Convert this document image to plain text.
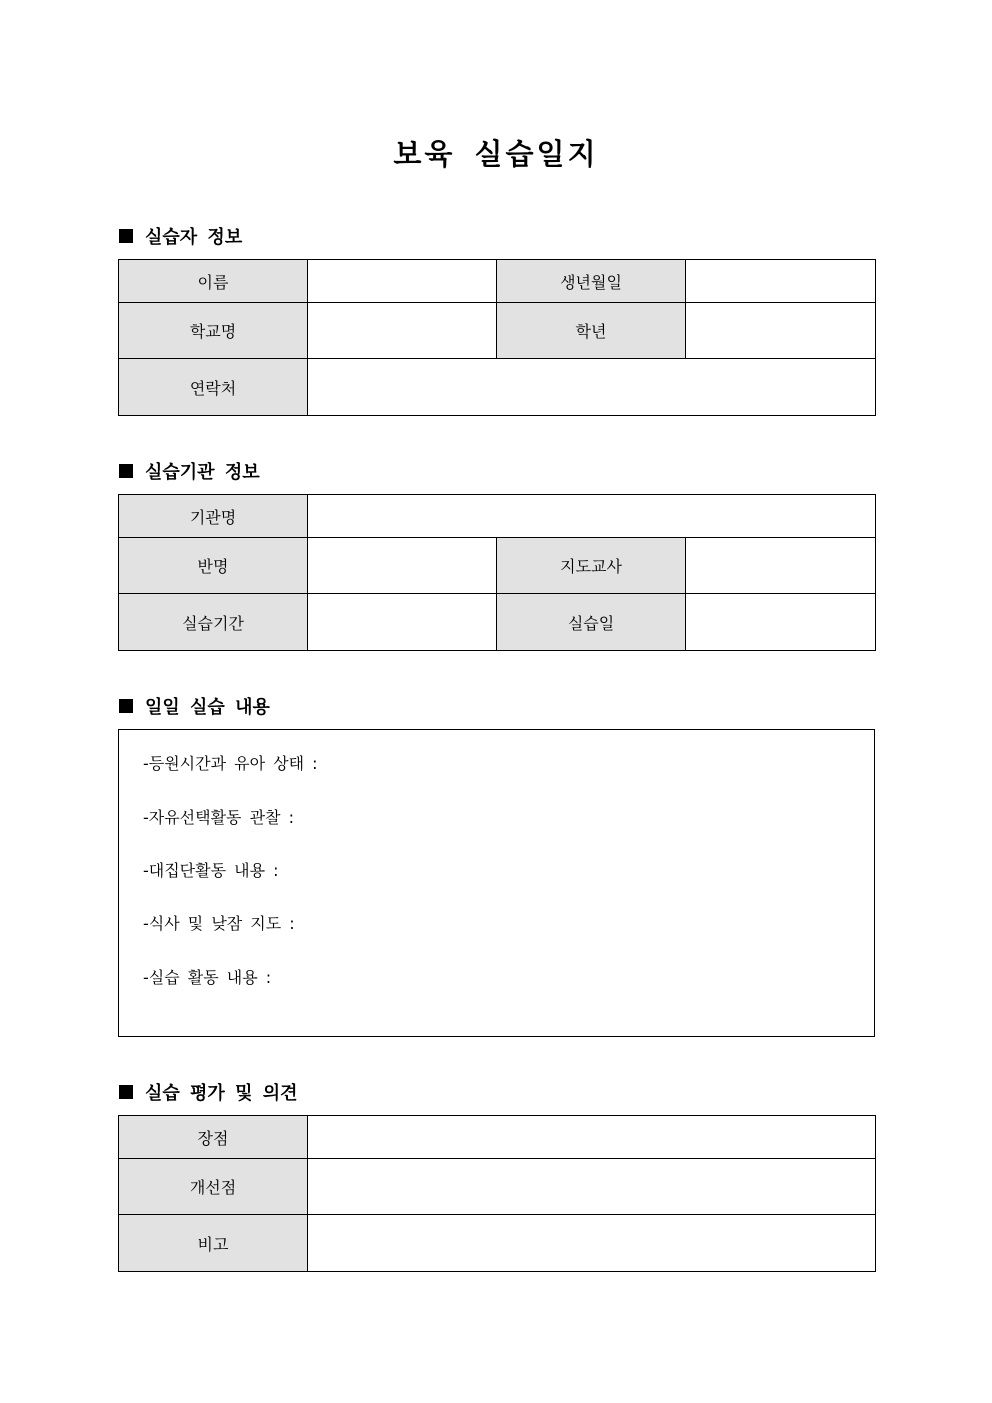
보육 실습일지
실습자 정보
이름		생년월일	
학교명		학년	
연락처			
실습기관 정보
기관명			
반명		지도교사	
실습기간		실습일	
일일 실습 내용
-등원시간과 유아 상태 :
-자유선택활동 관찰 :
-대집단활동 내용 :
-식사 및 낮잠 지도 :
-실습 활동 내용 :
실습 평가 및 의견
장점	
개선점	
비고	
